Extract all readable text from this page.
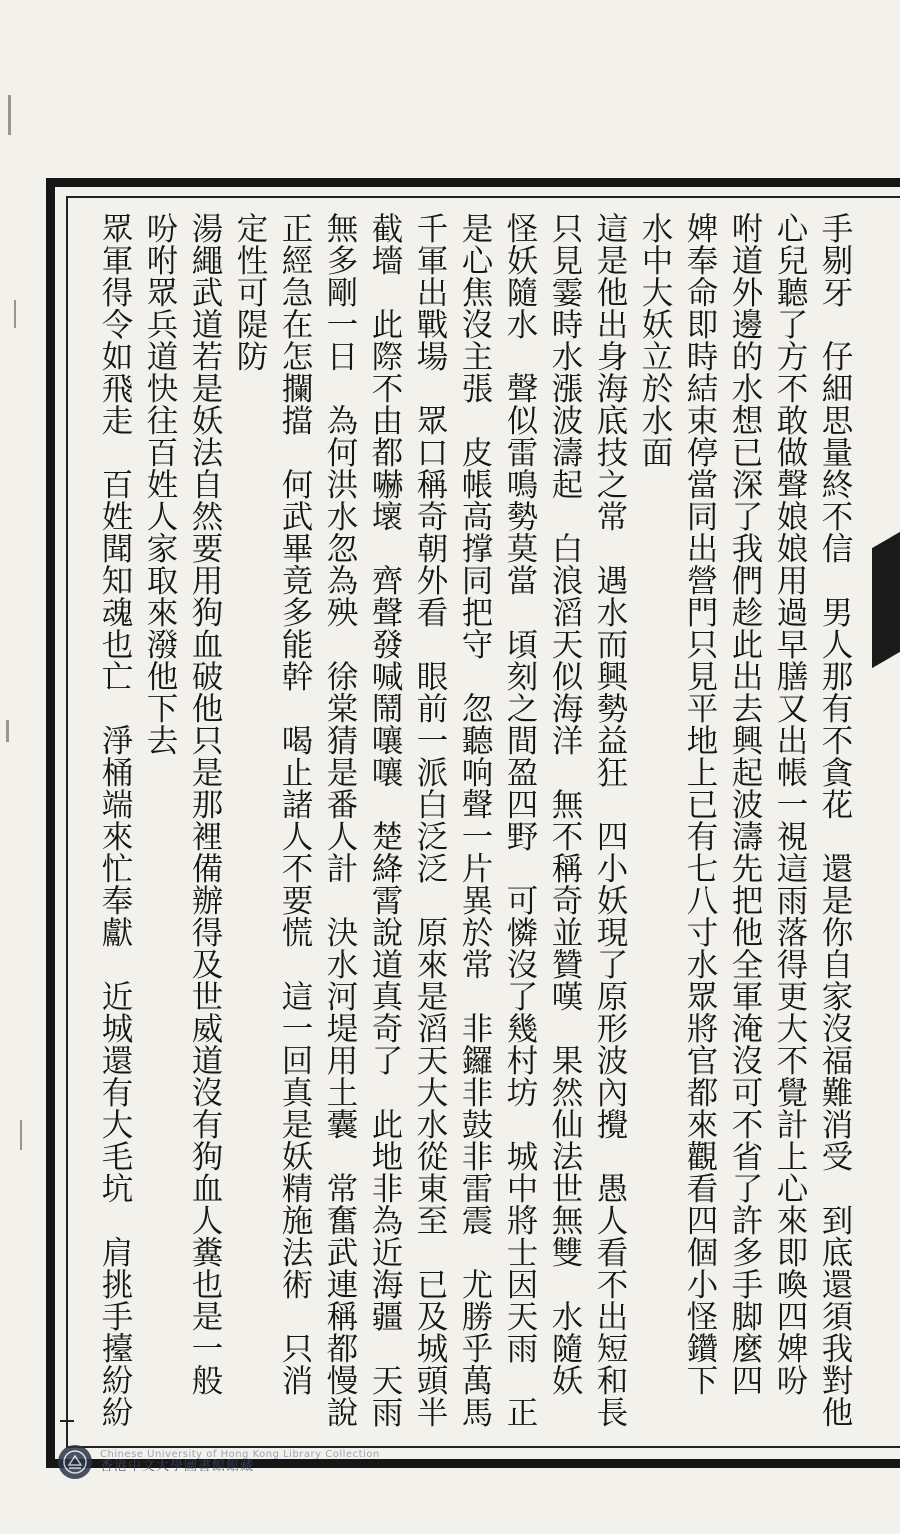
手剔牙　仔細思量終不信　男人那有不貪花　還是你自家沒福難消受　到底還須我對他
心兒聽了方不敢做聲娘娘用過早膳又出帳一視這雨落得更大不覺計上心來即喚四婢吩
咐道外邊的水想已深了我們趁此出去興起波濤先把他全軍淹沒可不省了許多手脚麼四
婢奉命即時結束停當同出營門只見平地上已有七八寸水眾將官都來觀看四個小怪鑽下
水中大妖立於水面
這是他出身海底技之常　遇水而興勢益狂　四小妖現了原形波內攪　愚人看不出短和長
只見霎時水漲波濤起　白浪滔天似海洋　無不稱奇並贊嘆　果然仙法世無雙　水隨妖
怪妖隨水　聲似雷鳴勢莫當　頃刻之間盈四野　可憐沒了幾村坊　城中將士因天雨　正
是心焦沒主張　皮帳高撑同把守　忽聽响聲一片異於常　非鑼非鼓非雷震　尤勝乎萬馬
千軍出戰場　眾口稱奇朝外看　眼前一派白泛泛　原來是滔天大水從東至　已及城頭半
截墻　此際不由都嚇壞　齊聲發喊鬧嚷嚷　楚絳霄說道真奇了　此地非為近海疆　天雨
無多剛一日　為何洪水忽為殃　徐棠猜是番人計　決水河堤用土囊　常奮武連稱都慢說
正經急在怎攔擋　何武畢竟多能幹　喝止諸人不要慌　這一回真是妖精施法術　只消
定性可隄防
湯繩武道若是妖法自然要用狗血破他只是那裡備辦得及世威道沒有狗血人糞也是一般
吩咐眾兵道快往百姓人家取來潑他下去
眾軍得令如飛走　百姓聞知魂也亡　淨桶端來忙奉獻　近城還有大毛坑　肩挑手擡紛紛
Chinese University of Hong Kong Library Collection
香港中文大學圖書館館藏
